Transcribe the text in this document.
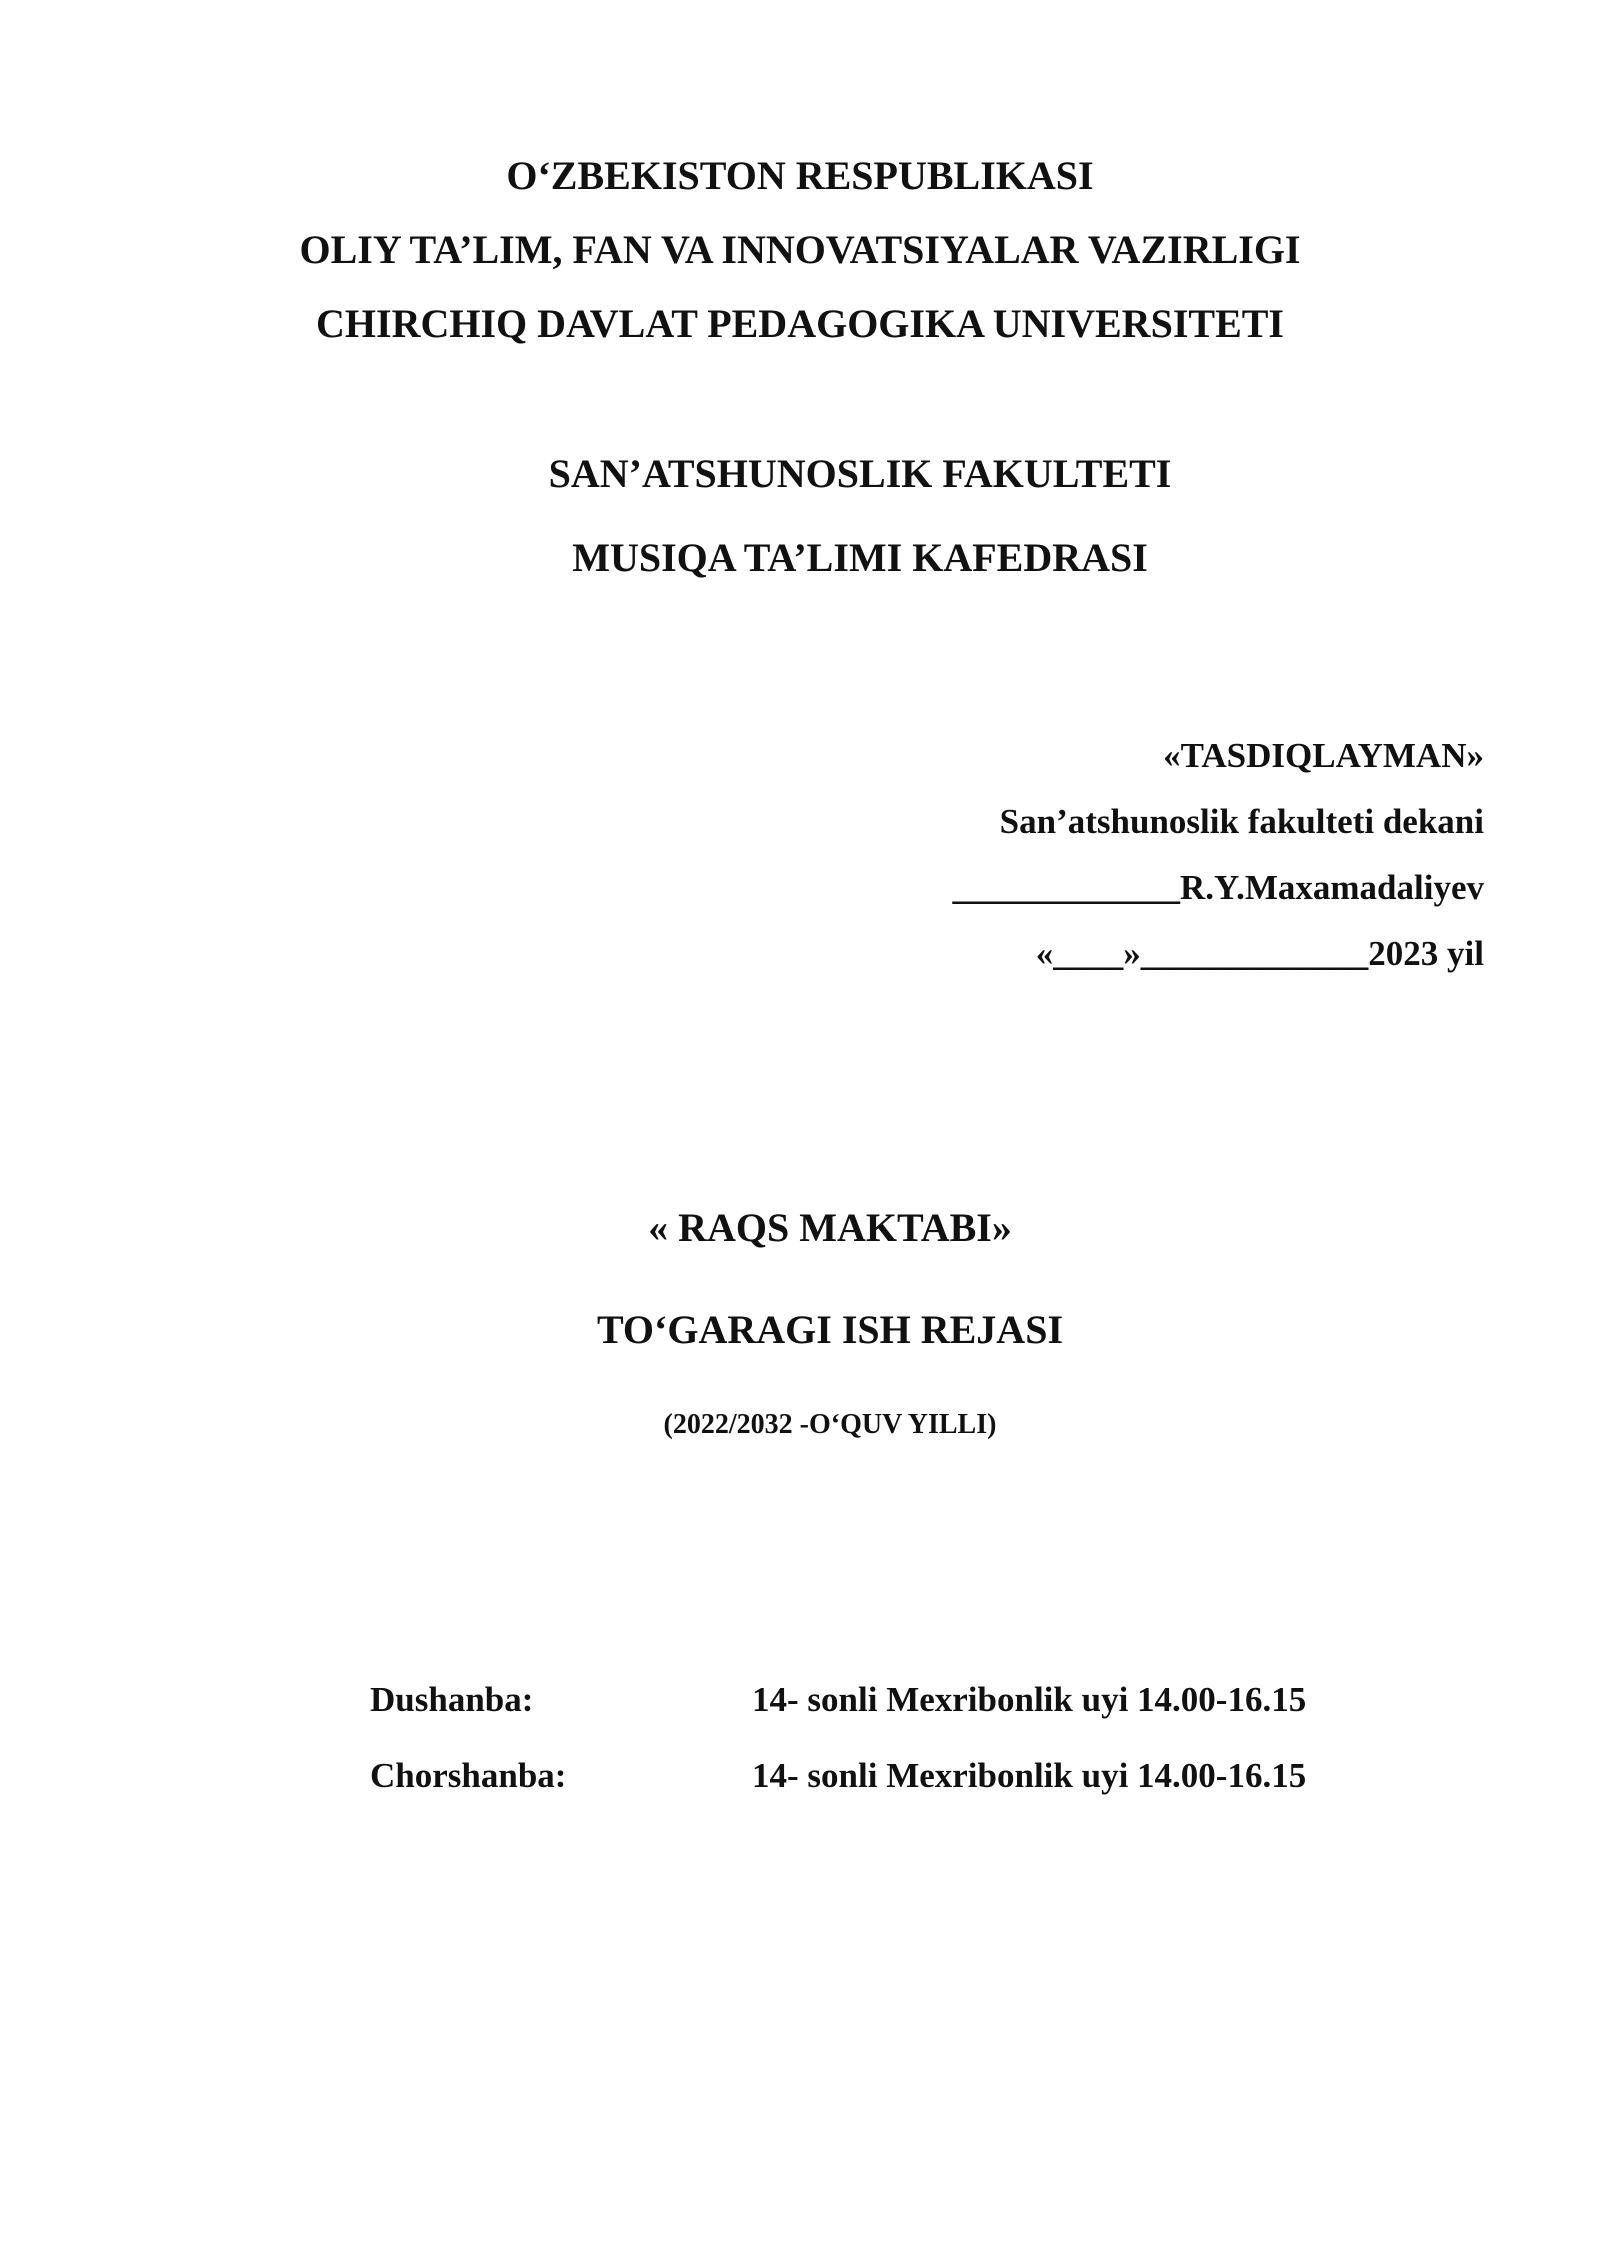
O‘ZBEKISTON RESPUBLIKASI

OLIY TA’LIM, FAN VA INNOVATSIYALAR VAZIRLIGI

CHIRCHIQ DAVLAT PEDAGOGIKA UNIVERSITETI

SAN’ATSHUNOSLIK FAKULTETI

MUSIQA TA’LIMI KAFEDRASI

«TASDIQLAYMAN»

San’atshunoslik fakulteti dekani

_____________R.Y.Maxamadaliyev

«____»_____________2023 yil

« RAQS MAKTABI»

TO‘GARAGI ISH REJASI

(2022/2032 -O‘QUV YILLI)

Dushanba:	14- sonli Mexribonlik uyi 14.00-16.15

Chorshanba:	14- sonli Mexribonlik uyi 14.00-16.15
